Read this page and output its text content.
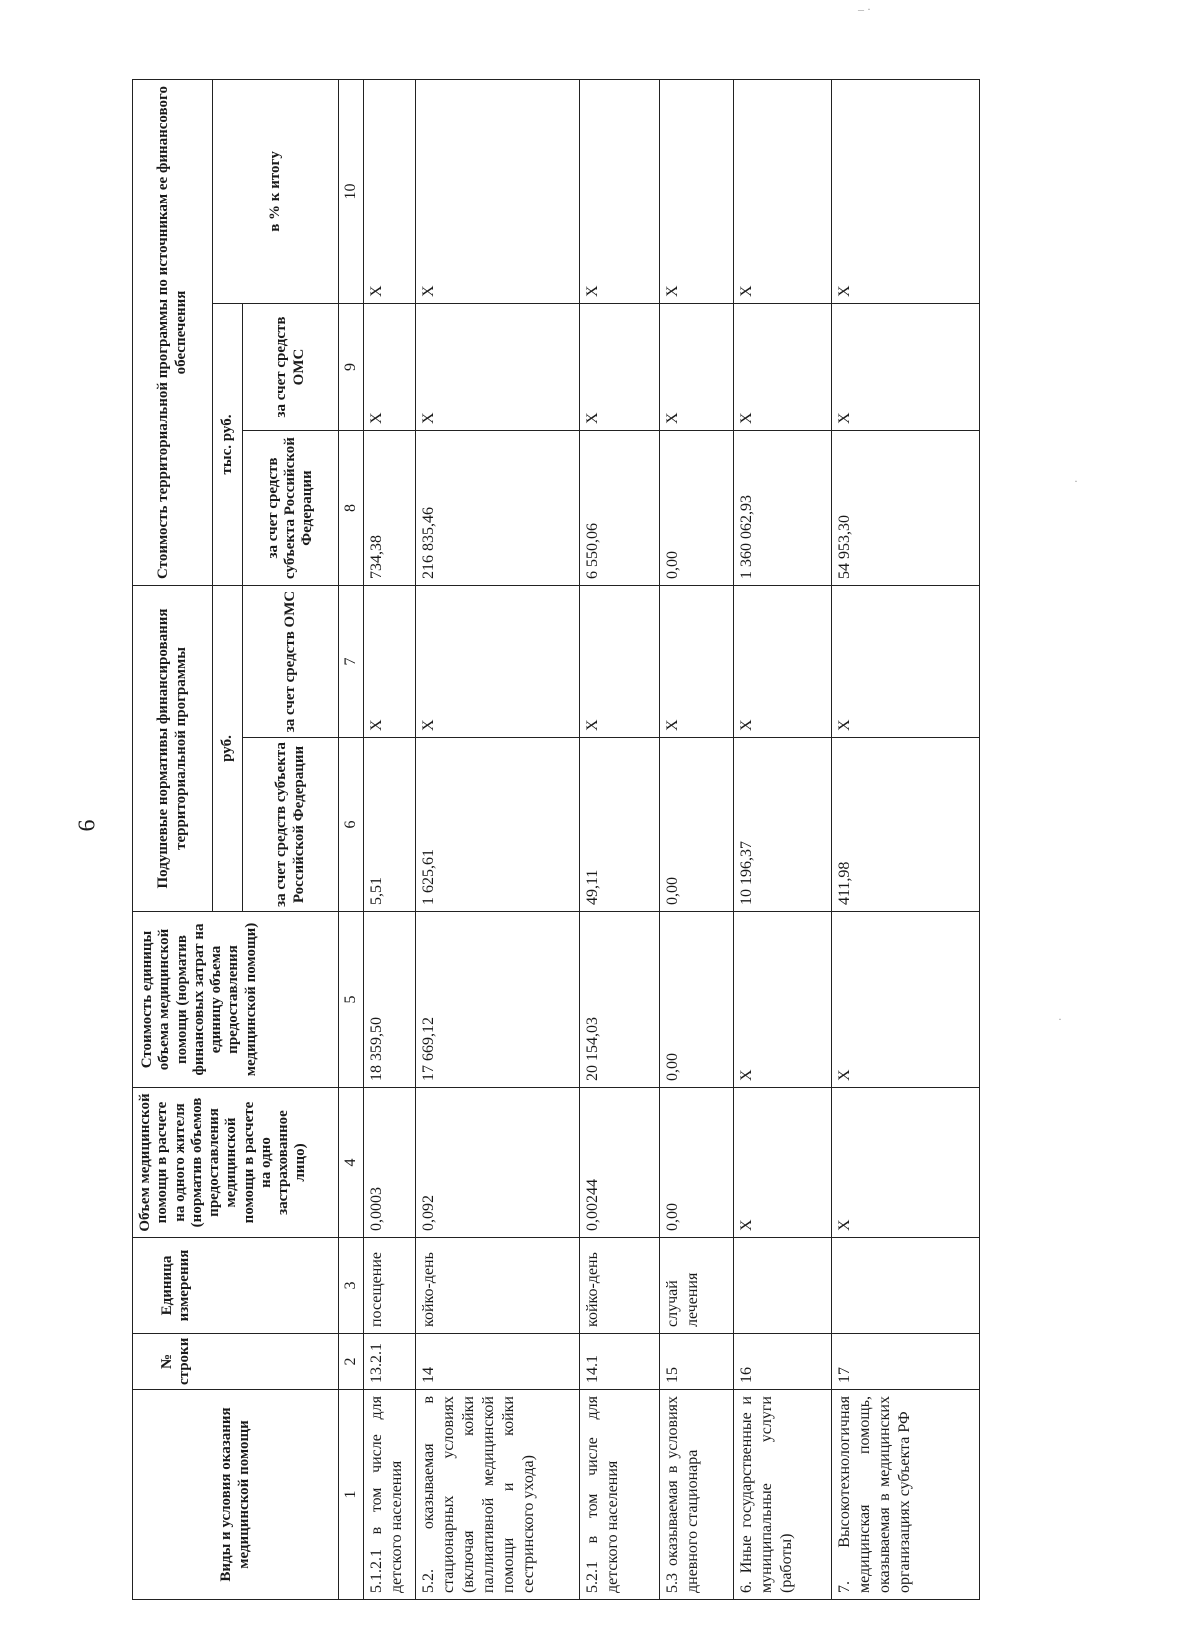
6
– ·
·
·
Виды и условия оказания медицинской помощи	№ строки	Единица измерения	Объем медицинской помощи в расчете на одного жителя (норматив объемов предоставления медицинской помощи в расчете на одно застрахованное лицо)	Стоимость единицы объема медицинской помощи (норматив финансовых затрат на единицу объема предоставления медицинской помощи)	Подушевые нормативы финансирования территориальной программы		Стоимость территориальной программы по источникам ее финансового обеспечения		
					руб.		тыс. руб.		в % к итогу
					за счет средств субъекта Российской Федерации	за счет средств ОМС	за счет средств субъекта Российской Федерации	за счет средств ОМС	
1	2	3	4	5	6	7	8	9	10
5.1.2.1 в том числе для детского населения	13.2.1	посещение	0,0003	18 359,50	5,51	X	734,38	X	X
5.2. оказываемая в стационарных условиях (включая койки паллиативной медицинской помощи и койки сестринского ухода)	14	койко-день	0,092	17 669,12	1 625,61	X	216 835,46	X	X
5.2.1 в том числе для детского населения	14.1	койко-день	0,00244	20 154,03	49,11	X	6 550,06	X	X
5.3 оказываемая в условиях дневного стационара	15	случай лечения	0,00	0,00	0,00	X	0,00	X	X
6. Иные государственные и муниципальные услуги (работы)	16		X	X	10 196,37	X	1 360 062,93	X	X
7. Высокотехнологичная медицинская помощь, оказываемая в медицинских организациях субъекта РФ	17		X	X	411,98	X	54 953,30	X	X
